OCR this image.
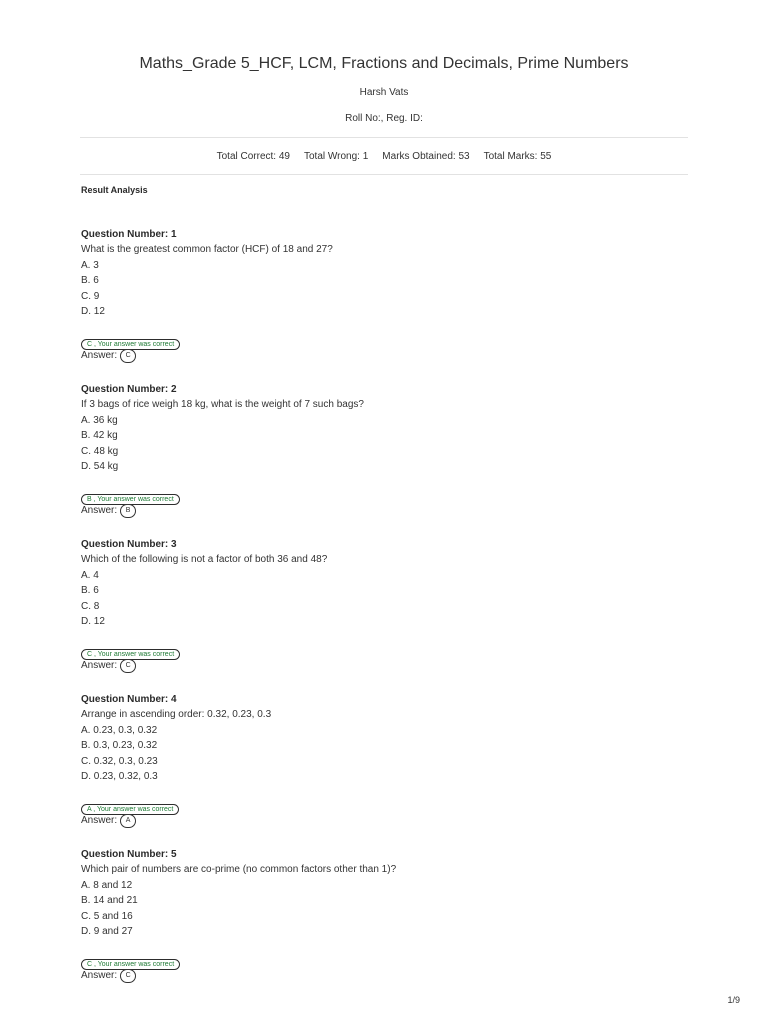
Maths_Grade 5_HCF, LCM, Fractions and Decimals, Prime Numbers
Harsh Vats
Roll No:, Reg. ID:
Total Correct: 49 Total Wrong: 1 Marks Obtained: 53 Total Marks: 55
Result Analysis
Question Number: 1
What is the greatest common factor (HCF) of 18 and 27?
A. 3
B. 6
C. 9
D. 12
C , Your answer was correct
Answer:	C
Question Number: 2
If 3 bags of rice weigh 18 kg, what is the weight of 7 such bags?
A. 36 kg
B. 42 kg
C. 48 kg
D. 54 kg
B , Your answer was correct
Answer:	B
Question Number: 3
Which of the following is not a factor of both 36 and 48?
A. 4
B. 6
C. 8
D. 12
C , Your answer was correct
Answer:	C
Question Number: 4
Arrange in ascending order: 0.32, 0.23, 0.3
A. 0.23, 0.3, 0.32
B. 0.3, 0.23, 0.32
C. 0.32, 0.3, 0.23
D. 0.23, 0.32, 0.3
A , Your answer was correct
Answer:	A
Question Number: 5
Which pair of numbers are co-prime (no common factors other than 1)?
A. 8 and 12
B. 14 and 21
C. 5 and 16
D. 9 and 27
C , Your answer was correct
Answer:	C
1/9
